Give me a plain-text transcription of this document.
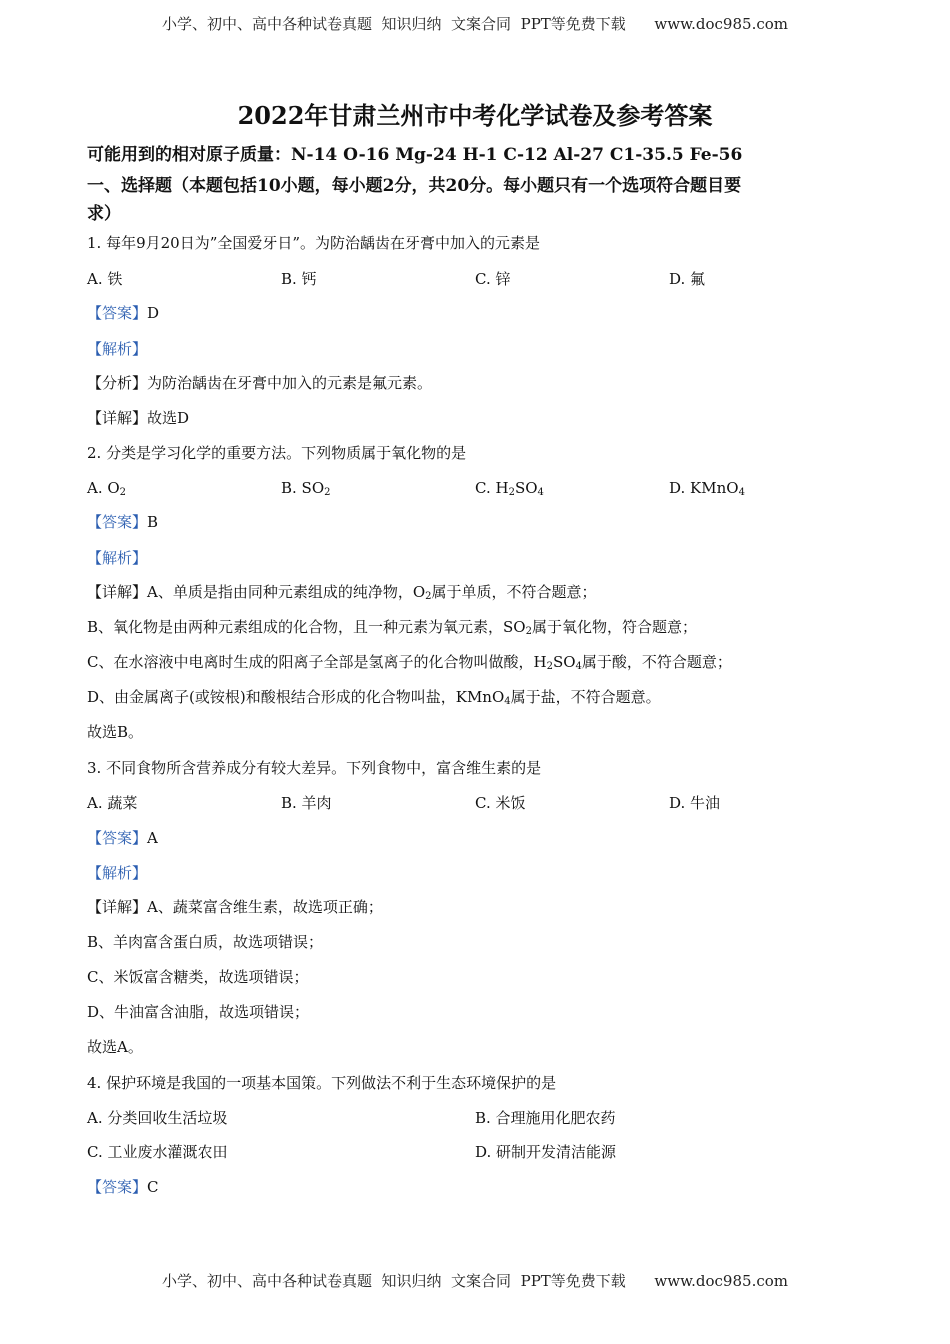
小学、初中、高中各种试卷真题  知识归纳  文案合同  PPT等免费下载      www.doc985.com
2022年甘肃兰州市中考化学试卷及参考答案
可能用到的相对原子质量：N-14 O-16 Mg-24 H-1 C-12 Al-27 C1-35.5 Fe-56
一、选择题（本题包括10小题，每小题2分，共20分。每小题只有一个选项符合题目要
求）
1. 每年9月20日为”全国爱牙日”。为防治龋齿在牙膏中加入的元素是
A. 铁	B. 钙	C. 锌	D. 氟
【答案】D
【解析】
【分析】为防治龋齿在牙膏中加入的元素是氟元素。
【详解】故选D
2. 分类是学习化学的重要方法。下列物质属于氧化物的是
A. $O_2$	B. $SO_2$	C. $H_2SO_4$	D. KMnO$_4$
【答案】B
【解析】
【详解】A、单质是指由同种元素组成的纯净物，$O_2$属于单质，不符合题意；
B、氧化物是由两种元素组成的化合物，且一种元素为氧元素，$SO_2$属于氧化物，符合题意；
C、在水溶液中电离时生成的阳离子全部是氢离子的化合物叫做酸，$H_2SO_4$属于酸，不符合题意；
D、由金属离子(或铵根)和酸根结合形成的化合物叫盐，KMnO$_4$属于盐，不符合题意。
故选B。
3. 不同食物所含营养成分有较大差异。下列食物中，富含维生素的是
A. 蔬菜	B. 羊肉	C. 米饭	D. 牛油
【答案】A
【解析】
【详解】A、蔬菜富含维生素，故选项正确；
B、羊肉富含蛋白质，故选项错误；
C、米饭富含糖类，故选项错误；
D、牛油富含油脂，故选项错误；
故选A。
4. 保护环境是我国的一项基本国策。下列做法不利于生态环境保护的是
A. 分类回收生活垃圾	B. 合理施用化肥农药
C. 工业废水灌溉农田	D. 研制开发清洁能源
【答案】C
小学、初中、高中各种试卷真题  知识归纳  文案合同  PPT等免费下载      www.doc985.com
